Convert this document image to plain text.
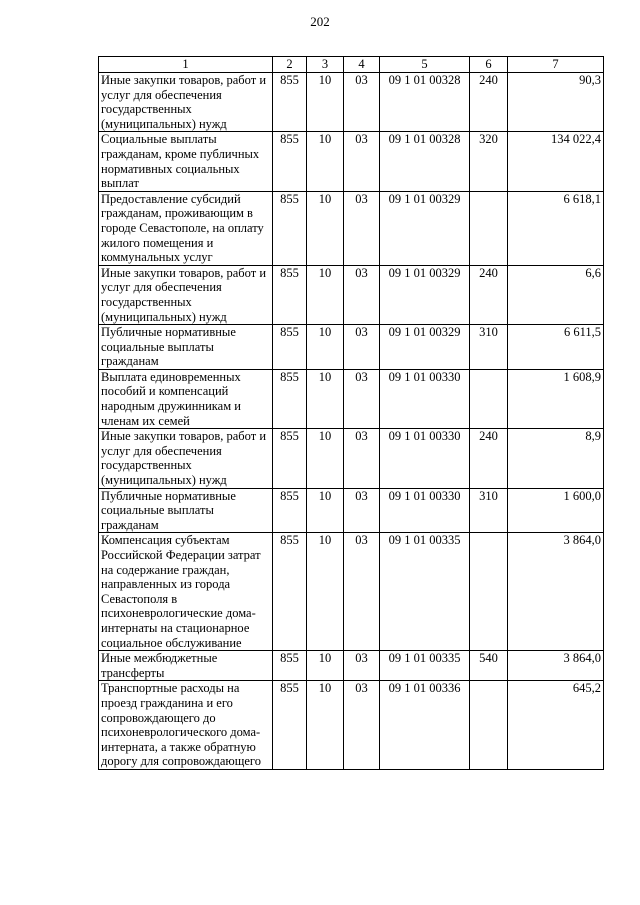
202
1	2	3	4	5	6	7
Иные закупки товаров, работ и услуг для обеспечения государственных (муниципальных) нужд	855	10	03	09 1 01 00328	240	90,3
Социальные выплаты гражданам, кроме публичных нормативных социальных выплат	855	10	03	09 1 01 00328	320	134 022,4
Предоставление субсидий гражданам, проживающим в городе Севастополе, на оплату жилого помещения и коммунальных услуг	855	10	03	09 1 01 00329		6 618,1
Иные закупки товаров, работ и услуг для обеспечения государственных (муниципальных) нужд	855	10	03	09 1 01 00329	240	6,6
Публичные нормативные социальные выплаты гражданам	855	10	03	09 1 01 00329	310	6 611,5
Выплата единовременных пособий и компенсаций народным дружинникам и членам их семей	855	10	03	09 1 01 00330		1 608,9
Иные закупки товаров, работ и услуг для обеспечения государственных (муниципальных) нужд	855	10	03	09 1 01 00330	240	8,9
Публичные нормативные социальные выплаты гражданам	855	10	03	09 1 01 00330	310	1 600,0
Компенсация субъектам Российской Федерации затрат на содержание граждан, направленных из города Севастополя в психоневрологические дома-интернаты на стационарное социальное обслуживание	855	10	03	09 1 01 00335		3 864,0
Иные межбюджетные трансферты	855	10	03	09 1 01 00335	540	3 864,0
Транспортные расходы на проезд гражданина и его сопровождающего до психоневрологического дома-интерната, а также обратную дорогу для сопровождающего	855	10	03	09 1 01 00336		645,2
